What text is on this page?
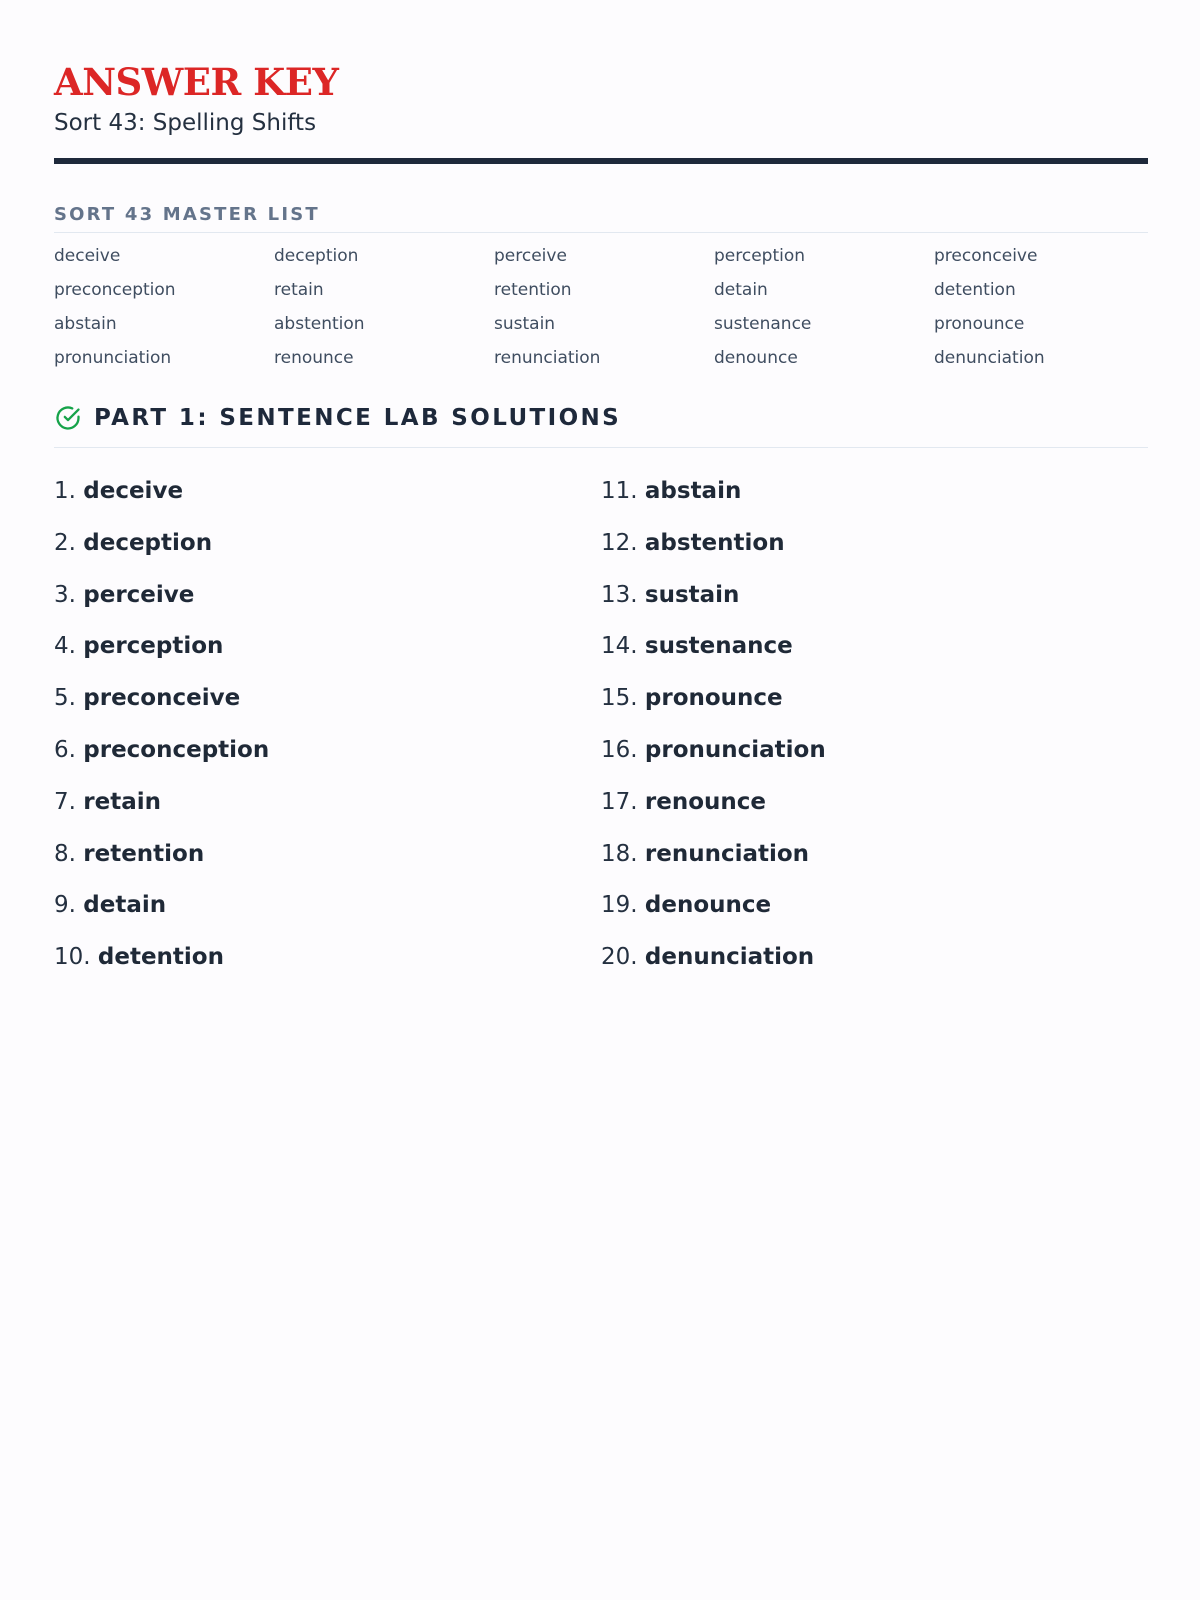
ANSWER KEY
Sort 43: Spelling Shifts
SORT 43 MASTER LIST
deceive	deception	perceive	perception	preconceive
preconception	retain	retention	detain	detention
abstain	abstention	sustain	sustenance	pronounce
pronunciation	renounce	renunciation	denounce	denunciation
PART 1: SENTENCE LAB SOLUTIONS
1. deceive
2. deception
3. perceive
4. perception
5. preconceive
6. preconception
7. retain
8. retention
9. detain
10. detention
11. abstain
12. abstention
13. sustain
14. sustenance
15. pronounce
16. pronunciation
17. renounce
18. renunciation
19. denounce
20. denunciation
